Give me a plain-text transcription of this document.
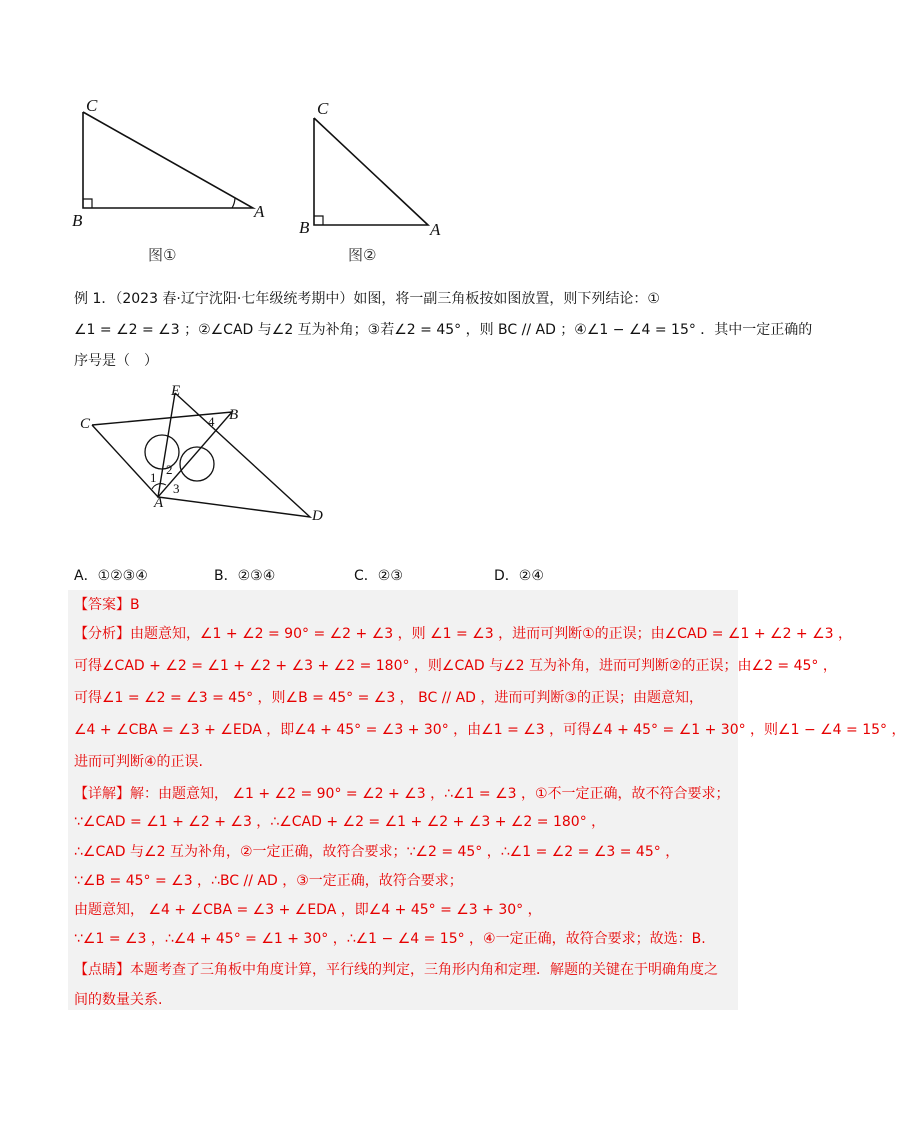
C
B	A
图①
C
B	A
图②
例 1．（2023 春·辽宁沈阳·七年级统考期中）如图，将一副三角板按如图放置，则下列结论：①
∠1 = ∠2 = ∠3 ；②∠CAD 与∠2 互为补角；③若∠2 = 45° ，则 BC // AD ；④∠1 − ∠4 = 15° ．其中一定正确的
序号是（　）
E
C
B
A
D
1
2
3
4
A．①②③④	B．②③④	C．②③	D．②④
【答案】B
【分析】由题意知，∠1 + ∠2 = 90° = ∠2 + ∠3 ，则 ∠1 = ∠3 ，进而可判断①的正误；由∠CAD = ∠1 + ∠2 + ∠3 ，
可得∠CAD + ∠2 = ∠1 + ∠2 + ∠3 + ∠2 = 180° ，则∠CAD 与∠2 互为补角，进而可判断②的正误；由∠2 = 45° ，
可得∠1 = ∠2 = ∠3 = 45° ，则∠B = 45° = ∠3 ， BC // AD ，进而可判断③的正误；由题意知，
∠4 + ∠CBA = ∠3 + ∠EDA ，即∠4 + 45° = ∠3 + 30° ，由∠1 = ∠3 ，可得∠4 + 45° = ∠1 + 30° ，则∠1 − ∠4 = 15° ，
进而可判断④的正误.
【详解】解：由题意知， ∠1 + ∠2 = 90° = ∠2 + ∠3 ，∴∠1 = ∠3 ，①不一定正确，故不符合要求；
∵∠CAD = ∠1 + ∠2 + ∠3 ，∴∠CAD + ∠2 = ∠1 + ∠2 + ∠3 + ∠2 = 180° ，
∴∠CAD 与∠2 互为补角，②一定正确，故符合要求；∵∠2 = 45° ，∴∠1 = ∠2 = ∠3 = 45° ，
∵∠B = 45° = ∠3 ，∴BC // AD ，③一定正确，故符合要求；
由题意知， ∠4 + ∠CBA = ∠3 + ∠EDA ，即∠4 + 45° = ∠3 + 30° ，
∵∠1 = ∠3 ，∴∠4 + 45° = ∠1 + 30° ，∴∠1 − ∠4 = 15° ，④一定正确，故符合要求；故选：B.
【点睛】本题考查了三角板中角度计算，平行线的判定，三角形内角和定理．解题的关键在于明确角度之
间的数量关系.
